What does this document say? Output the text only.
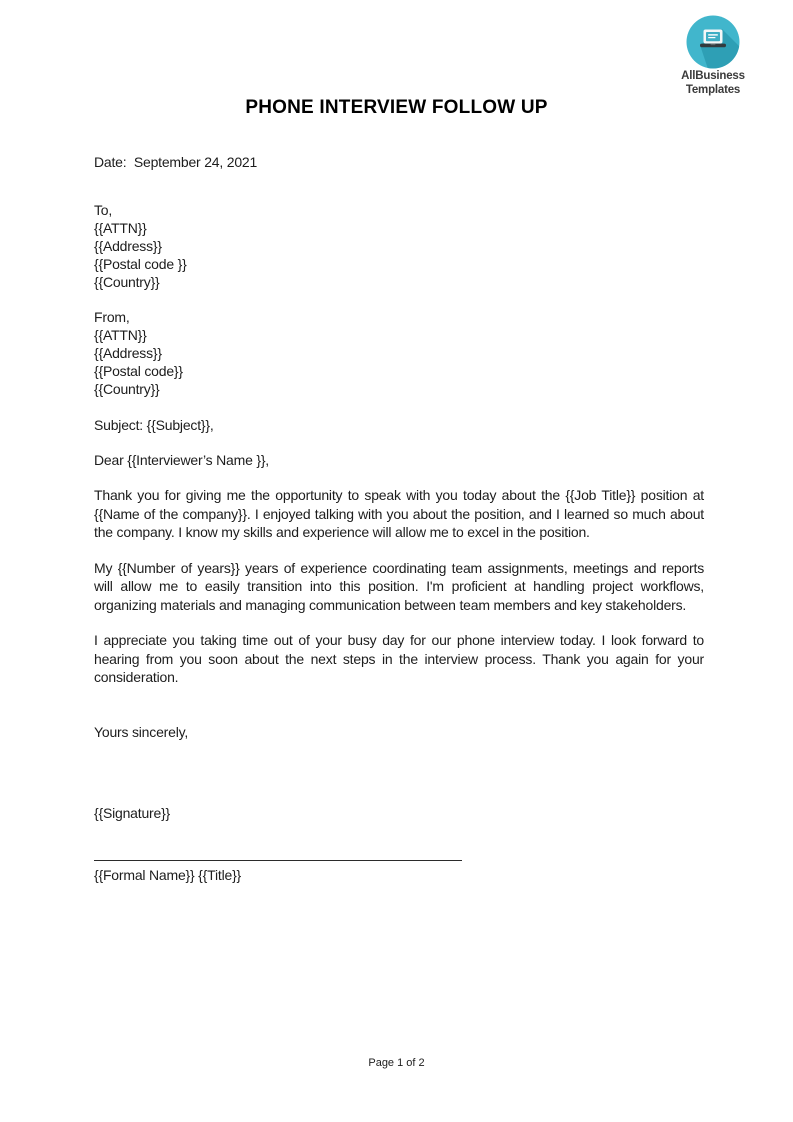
AllBusiness
Templates
PHONE INTERVIEW FOLLOW UP
Date:  September 24, 2021
To,
{{ATTN}}
{{Address}}
{{Postal code }}
{{Country}}
From,
{{ATTN}}
{{Address}}
{{Postal code}}
{{Country}}
Subject: {{Subject}},
Dear {{Interviewer’s Name }},

Thank you for giving me the opportunity to speak with you today about the {{Job Title}} position at {{Name of the company}}. I enjoyed talking with you about the position, and I learned so much about the company. I know my skills and experience will allow me to excel in the position.

My {{Number of years}} years of experience coordinating team assignments, meetings and reports will allow me to easily transition into this position. I'm proficient at handling project workflows, organizing materials and managing communication between team members and key stakeholders.

I appreciate you taking time out of your busy day for our phone interview today. I look forward to hearing from you soon about the next steps in the interview process. Thank you again for your consideration.

Yours sincerely,
{{Signature}}
{{Formal Name}} {{Title}}
Page 1 of 2
